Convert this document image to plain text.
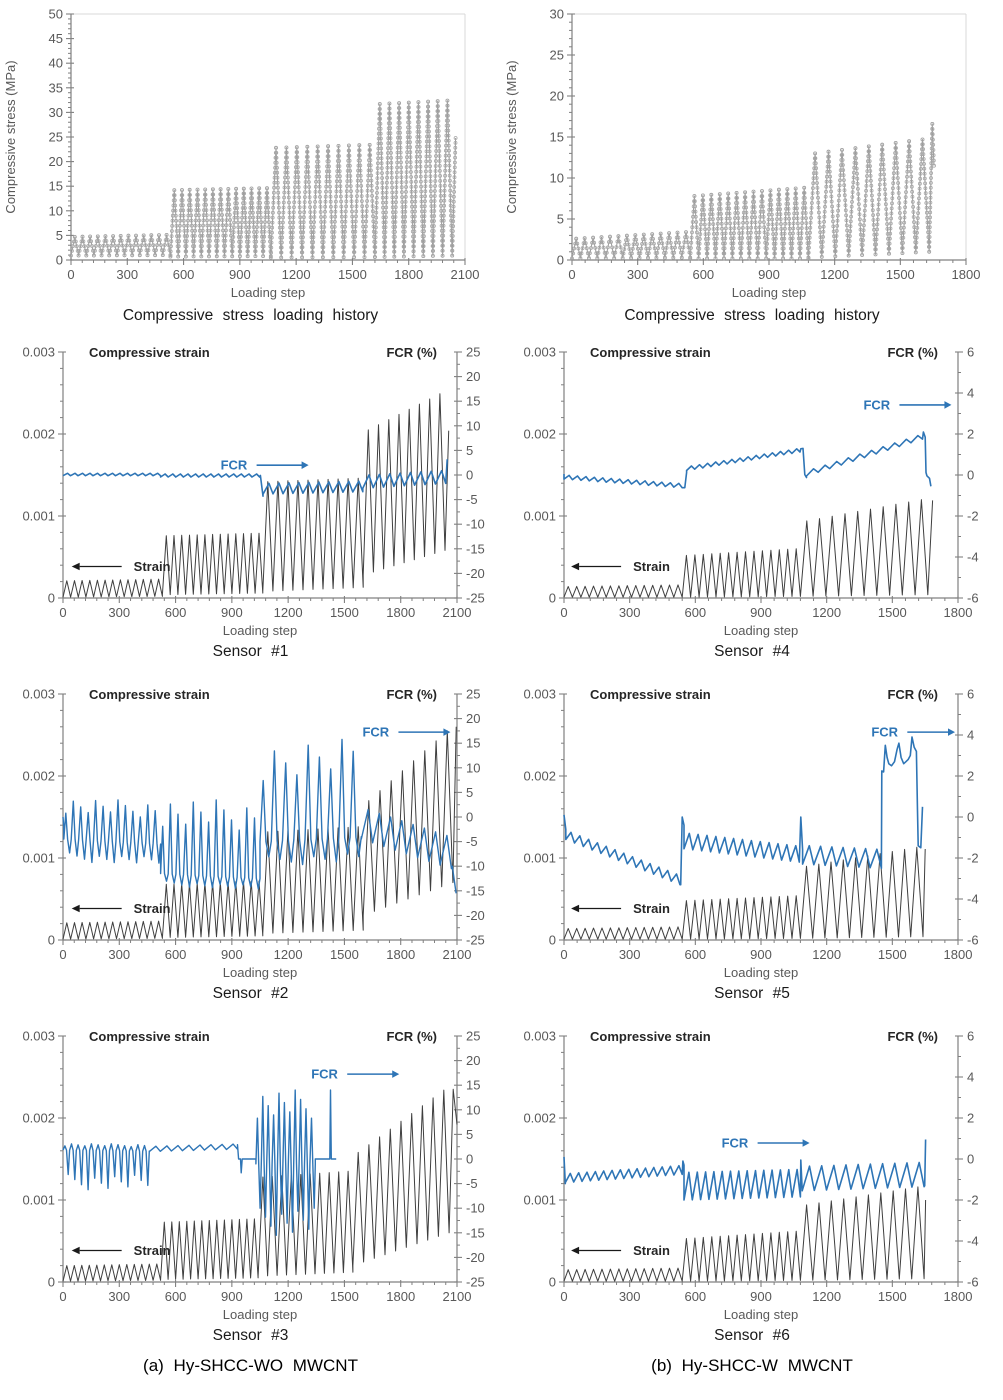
0
5
10
15
20
25
30
35
40
45
50
0	300	600	900 1200 1500 1800 2100
Loading step
Compressive stress (MPa)
Compressive stress loading history
0
5
10
15
20
25
30
0	300	600	900	1200	1500	1800
Loading step
Compressive stress (MPa)
Compressive stress loading history
0
0.001
0.002
0.003
0	300	600	900 1200 1500 1800 2100
25
20
15
10
5
0
-5
-10
-15
-20
-25
FCR (%)
Compressive strain
Loading step
Strain
FCR
Sensor #1
0
0.001
0.002
0.003
0	300	600	900	1200	1500	1800
6
4
2
0
-2
-4
-6
FCR (%)
Compressive strain
Loading step
Strain
FCR
Sensor #4
0
0.001
0.002
0.003
0	300	600	900 1200 1500 1800 2100
25
20
15
10
5
0
-5
-10
-15
-20
-25
FCR (%)
Compressive strain
Loading step
Strain
FCR
Sensor #2
0
0.001
0.002
0.003
0	300	600	900	1200	1500	1800
6
4
2
0
-2
-4
-6
FCR (%)
Compressive strain
Loading step
Strain
FCR
Sensor #5
0
0.001
0.002
0.003
0	300	600	900 1200 1500 1800 2100
25
20
15
10
5
0
-5
-10
-15
-20
-25
FCR (%)
Compressive strain
Loading step
Strain
FCR
Sensor #3
(a) Hy-SHCC-WO MWCNT
0
0.001
0.002
0.003
0	300	600	900	1200	1500	1800
6
4
2
0
-2
-4
-6
FCR (%)
Compressive strain
Loading step
Strain
FCR
Sensor #6
(b) Hy-SHCC-W MWCNT
